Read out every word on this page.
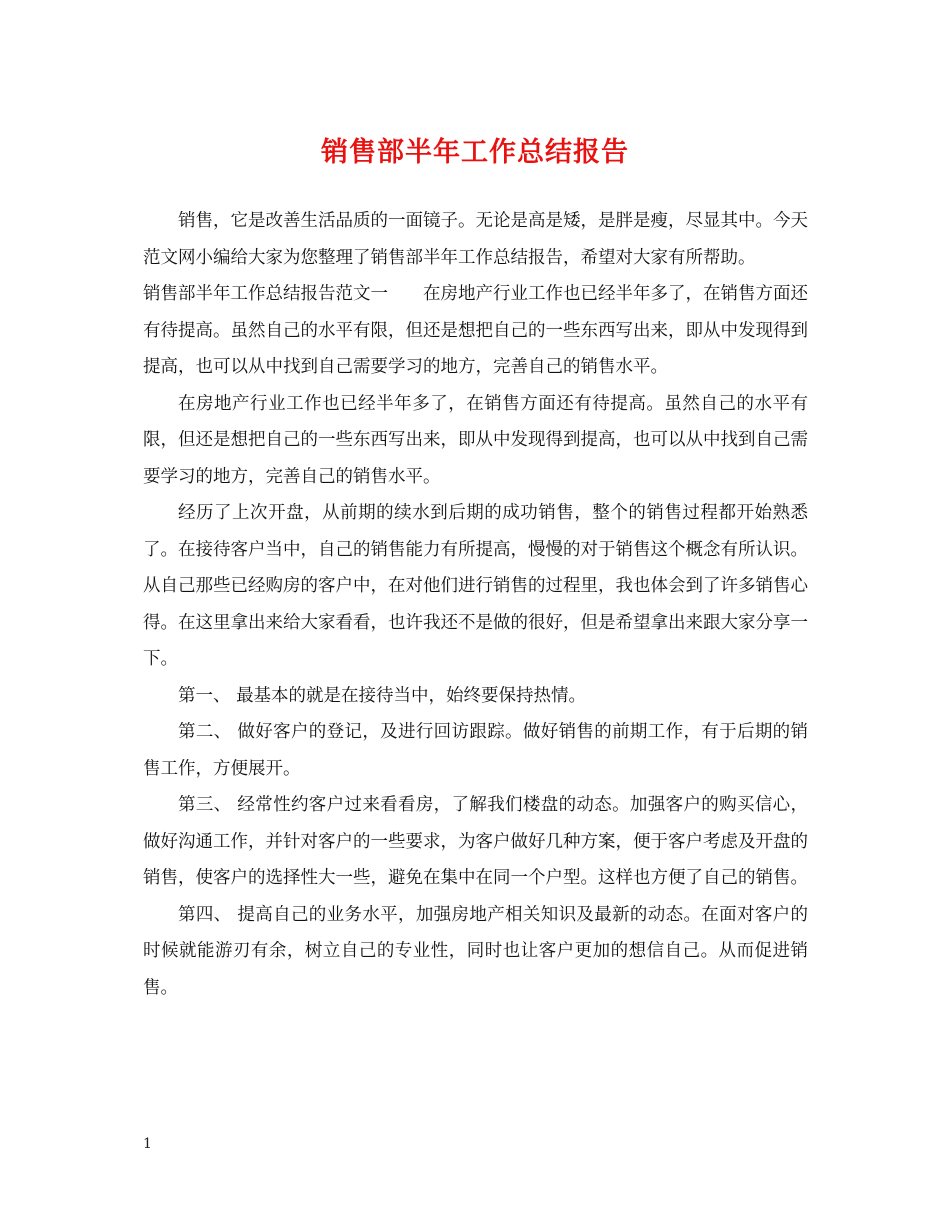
销售部半年工作总结报告

销售，它是改善生活品质的一面镜子。无论是高是矮，是胖是瘦，尽显其中。今天范文网小编给大家为您整理了销售部半年工作总结报告，希望对大家有所帮助。

销售部半年工作总结报告范文一 在房地产行业工作也已经半年多了，在销售方面还有待提高。虽然自己的水平有限，但还是想把自己的一些东西写出来，即从中发现得到提高，也可以从中找到自己需要学习的地方，完善自己的销售水平。

在房地产行业工作也已经半年多了，在销售方面还有待提高。虽然自己的水平有限，但还是想把自己的一些东西写出来，即从中发现得到提高，也可以从中找到自己需要学习的地方，完善自己的销售水平。

经历了上次开盘，从前期的续水到后期的成功销售，整个的销售过程都开始熟悉了。在接待客户当中，自己的销售能力有所提高，慢慢的对于销售这个概念有所认识。从自己那些已经购房的客户中，在对他们进行销售的过程里，我也体会到了许多销售心得。在这里拿出来给大家看看，也许我还不是做的很好，但是希望拿出来跟大家分享一下。

第一、 最基本的就是在接待当中，始终要保持热情。

第二、 做好客户的登记，及进行回访跟踪。做好销售的前期工作，有于后期的销售工作，方便展开。

第三、 经常性约客户过来看看房，了解我们楼盘的动态。加强客户的购买信心，做好沟通工作，并针对客户的一些要求，为客户做好几种方案，便于客户考虑及开盘的销售，使客户的选择性大一些，避免在集中在同一个户型。这样也方便了自己的销售。

第四、 提高自己的业务水平，加强房地产相关知识及最新的动态。在面对客户的时候就能游刃有余，树立自己的专业性，同时也让客户更加的想信自己。从而促进销售。

1
